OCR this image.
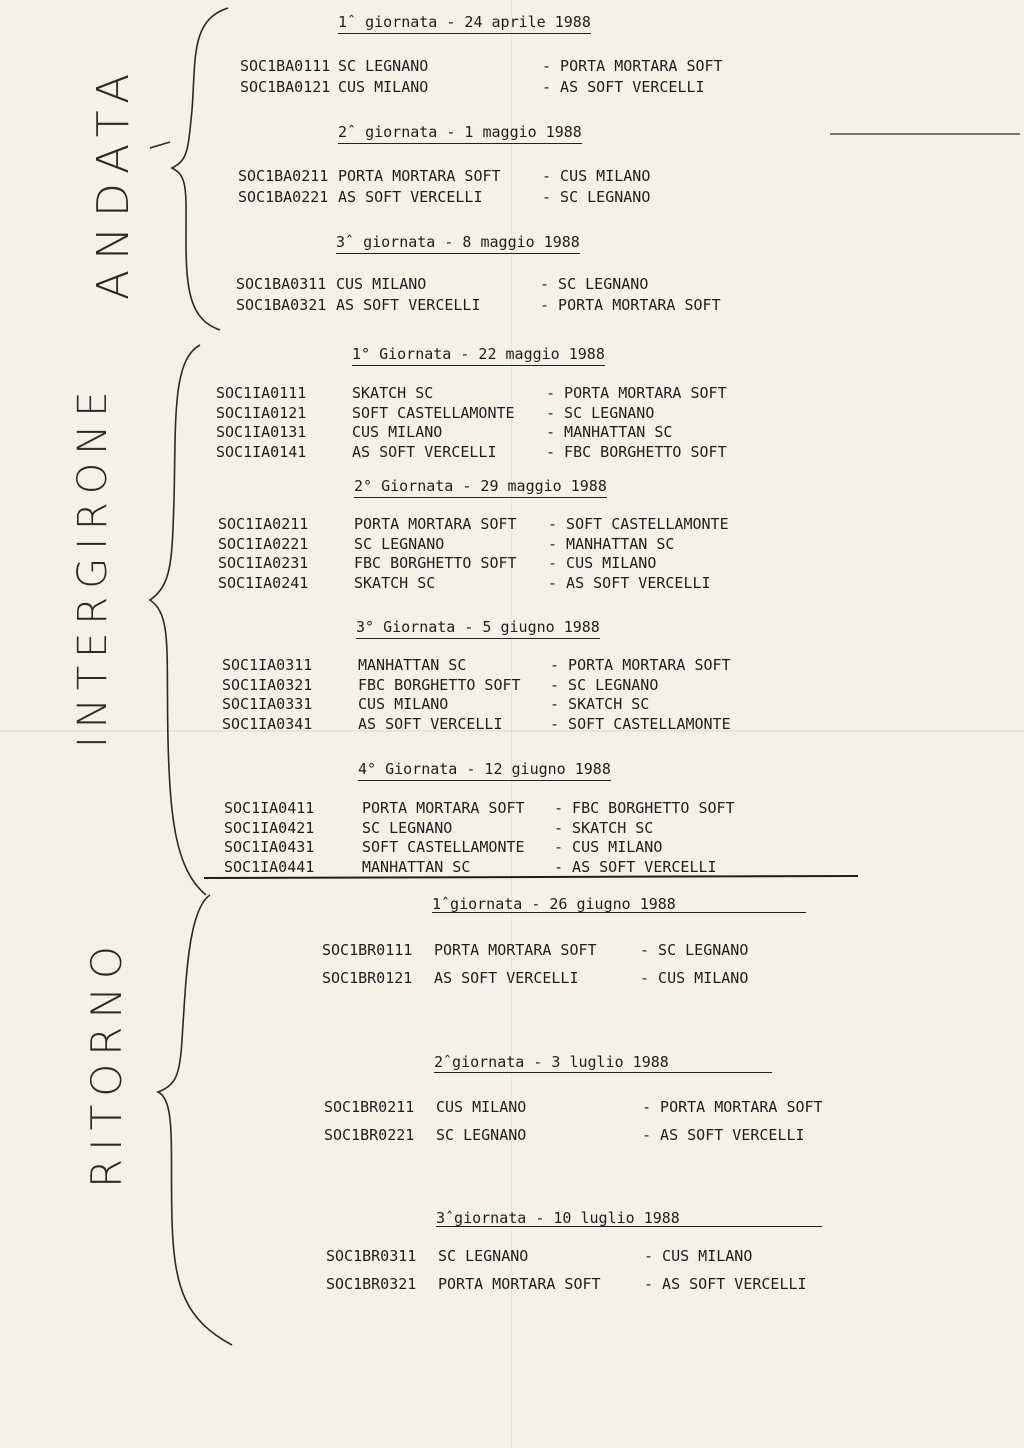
ANDATA
INTERGIRONE
RITORNO
1ˆ giornata - 24 aprile 1988
SOC1BA0111 SC LEGNANO	- PORTA MORTARA SOFT
SOC1BA0121 CUS MILANO	- AS SOFT VERCELLI
2ˆ giornata - 1 maggio 1988
SOC1BA0211 PORTA MORTARA SOFT	- CUS MILANO
SOC1BA0221 AS SOFT VERCELLI	- SC LEGNANO
3ˆ giornata - 8 maggio 1988
SOC1BA0311 CUS MILANO	- SC LEGNANO
SOC1BA0321 AS SOFT VERCELLI	- PORTA MORTARA SOFT
1° Giornata - 22 maggio 1988
SOC1IA0111	SKATCH SC	- PORTA MORTARA SOFT
SOC1IA0121	SOFT CASTELLAMONTE - SC LEGNANO
SOC1IA0131	CUS MILANO	- MANHATTAN SC
SOC1IA0141	AS SOFT VERCELLI	- FBC BORGHETTO SOFT
2° Giornata - 29 maggio 1988
SOC1IA0211	PORTA MORTARA SOFT - SOFT CASTELLAMONTE
SOC1IA0221	SC LEGNANO	- MANHATTAN SC
SOC1IA0231	FBC BORGHETTO SOFT - CUS MILANO
SOC1IA0241	SKATCH SC	- AS SOFT VERCELLI
3° Giornata - 5 giugno 1988
SOC1IA0311	MANHATTAN SC	- PORTA MORTARA SOFT
SOC1IA0321	FBC BORGHETTO SOFT - SC LEGNANO
SOC1IA0331	CUS MILANO	- SKATCH SC
SOC1IA0341	AS SOFT VERCELLI	- SOFT CASTELLAMONTE
4° Giornata - 12 giugno 1988
SOC1IA0411	PORTA MORTARA SOFT - FBC BORGHETTO SOFT
SOC1IA0421	SC LEGNANO	- SKATCH SC
SOC1IA0431	SOFT CASTELLAMONTE - CUS MILANO
SOC1IA0441	MANHATTAN SC	- AS SOFT VERCELLI
1ˆgiornata - 26 giugno 1988
SOC1BR0111 PORTA MORTARA SOFT	- SC LEGNANO
SOC1BR0121 AS SOFT VERCELLI	- CUS MILANO
2ˆgiornata - 3 luglio 1988
SOC1BR0211 CUS MILANO	- PORTA MORTARA SOFT
SOC1BR0221 SC LEGNANO	- AS SOFT VERCELLI
3ˆgiornata - 10 luglio 1988
SOC1BR0311 SC LEGNANO	- CUS MILANO
SOC1BR0321 PORTA MORTARA SOFT	- AS SOFT VERCELLI
